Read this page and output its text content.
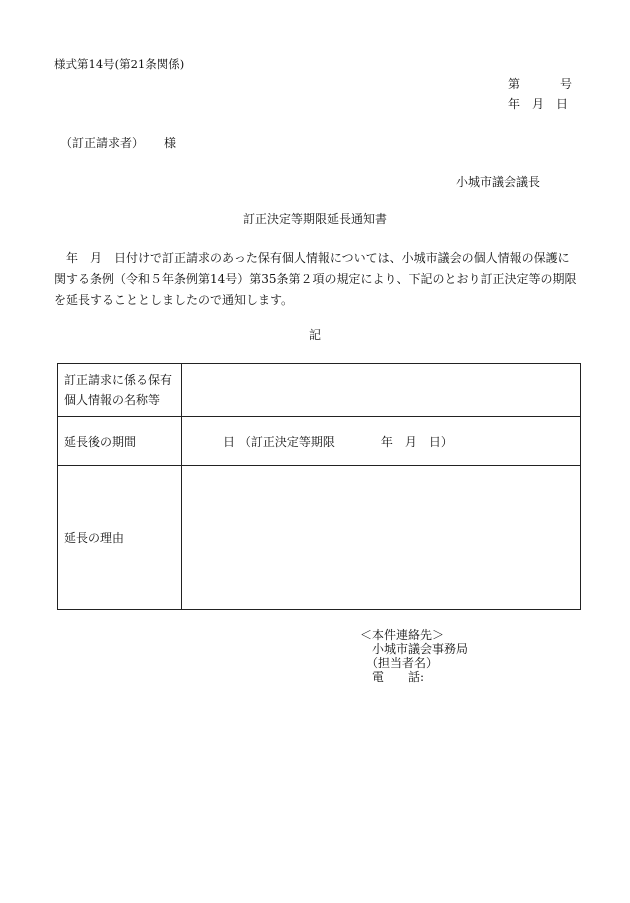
様式第14号(第21条関係)
第	号
年　月　日
（訂正請求者） 様
小城市議会議長
訂正決定等期限延長通知書
　年　月　日付けで訂正請求のあった保有個人情報については、小城市議会の個人情報の保護に
関する条例（令和５年条例第14号）第35条第２項の規定により、下記のとおり訂正決定等の期限
を延長することとしましたので通知します。
記
訂正請求に係る保有
個人情報の名称等	

延長後の期間	日 （訂正決定等期限 年　月　日）
延長の理由	
＜本件連絡先＞
小城市議会事務局
（担当者名）
電　　話:
